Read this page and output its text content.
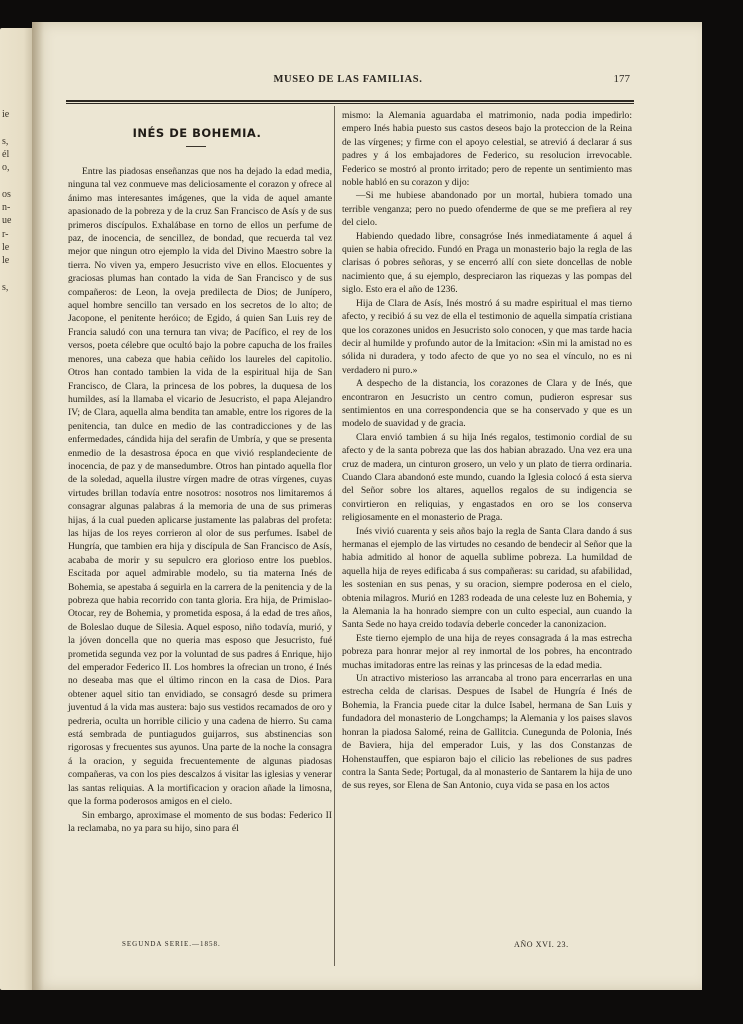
ie

s,
él
o,

os
n-
ue
r-
le
le

s,
MUSEO DE LAS FAMILIAS.	177
INÉS DE BOHEMIA.

Entre las piadosas enseñanzas que nos ha dejado la edad media, ninguna tal vez conmueve mas deliciosamente el corazon y ofrece al ánimo mas interesantes imágenes, que la vida de aquel amante apasionado de la pobreza y de la cruz San Francisco de Asís y de sus primeros discípulos. Exhalábase en torno de ellos un perfume de paz, de inocencia, de sencillez, de bondad, que recuerda tal vez mejor que ningun otro ejemplo la vida del Divino Maestro sobre la tierra. No viven ya, empero Jesucristo vive en ellos. Elocuentes y graciosas plumas han contado la vida de San Francisco y de sus compañeros: de Leon, la oveja predilecta de Dios; de Junípero, aquel hombre sencillo tan versado en los secretos de lo alto; de Jacopone, el penitente heróico; de Egido, á quien San Luis rey de Francia saludó con una ternura tan viva; de Pacífico, el rey de los versos, poeta célebre que ocultó bajo la pobre capucha de los frailes menores, una cabeza que habia ceñido los laureles del capitolio. Otros han contado tambien la vida de la espiritual hija de San Francisco, de Clara, la princesa de los pobres, la duquesa de los humildes, así la llamaba el vicario de Jesucristo, el papa Alejandro IV; de Clara, aquella alma bendita tan amable, entre los rigores de la penitencia, tan dulce en medio de las contradicciones y de las enfermedades, cándida hija del serafin de Umbría, y que se presenta enmedio de la desastrosa época en que vivió resplandeciente de inocencia, de paz y de mansedumbre. Otros han pintado aquella flor de la soledad, aquella ilustre vírgen madre de otras vírgenes, cuyas virtudes brillan todavía entre nosotros: nosotros nos limitaremos á consagrar algunas palabras á la memoria de una de sus primeras hijas, á la cual pueden aplicarse justamente las palabras del profeta: las hijas de los reyes corrieron al olor de sus perfumes. Isabel de Hungría, que tambien era hija y discípula de San Francisco de Asís, acababa de morir y su sepulcro era glorioso entre los pueblos. Escitada por aquel admirable modelo, su tia materna Inés de Bohemia, se apestaba á seguirla en la carrera de la penitencia y de la pobreza que habia recorrido con tanta gloria. Era hija, de Primislao-Otocar, rey de Bohemia, y prometida esposa, á la edad de tres años, de Boleslao duque de Silesia. Aquel esposo, niño todavía, murió, y la jóven doncella que no queria mas esposo que Jesucristo, fué prometida segunda vez por la voluntad de sus padres á Enrique, hijo del emperador Federico II. Los hombres la ofrecian un trono, é Inés no deseaba mas que el último rincon en la casa de Dios. Para obtener aquel sitio tan envidiado, se consagró desde su primera juventud á la vida mas austera: bajo sus vestidos recamados de oro y pedreria, oculta un horrible cilicio y una cadena de hierro. Su cama está sembrada de puntiagudos guijarros, sus abstinencias son rigorosas y frecuentes sus ayunos. Una parte de la noche la consagra á la oracion, y seguida frecuentemente de algunas piadosas compañeras, va con los pies descalzos á visitar las iglesias y venerar las santas reliquias. A la mortificacion y oracion añade la limosna, que la forma poderosos amigos en el cielo.

Sin embargo, aproximase el momento de sus bodas: Federico II la reclamaba, no ya para su hijo, sino para él

mismo: la Alemania aguardaba el matrimonio, nada podia impedirlo: empero Inés habia puesto sus castos deseos bajo la proteccion de la Reina de las vírgenes; y firme con el apoyo celestial, se atrevió á declarar á sus padres y á los embajadores de Federico, su resolucion irrevocable. Federico se mostró al pronto irritado; pero de repente un sentimiento mas noble habló en su corazon y dijo:

—Si me hubiese abandonado por un mortal, hubiera tomado una terrible venganza; pero no puedo ofenderme de que se me prefiera al rey del cielo.

Habiendo quedado libre, consagróse Inés inmediatamente á aquel á quien se habia ofrecido. Fundó en Praga un monasterio bajo la regla de las clarisas ó pobres señoras, y se encerró allí con siete doncellas de noble nacimiento que, á su ejemplo, despreciaron las riquezas y las pompas del siglo. Esto era el año de 1236.

Hija de Clara de Asís, Inés mostró á su madre espiritual el mas tierno afecto, y recibió á su vez de ella el testimonio de aquella simpatía cristiana que los corazones unidos en Jesucristo solo conocen, y que mas tarde hacia decir al humilde y profundo autor de la Imitacion: «Sin mi la amistad no es sólida ni duradera, y todo afecto de que yo no sea el vínculo, no es ni verdadero ni puro.»

A despecho de la distancia, los corazones de Clara y de Inés, que encontraron en Jesucristo un centro comun, pudieron espresar sus sentimientos en una correspondencia que se ha conservado y que es un modelo de suavidad y de gracia.

Clara envió tambien á su hija Inés regalos, testimonio cordial de su afecto y de la santa pobreza que las dos habian abrazado. Una vez era una cruz de madera, un cinturon grosero, un velo y un plato de tierra ordinaria. Cuando Clara abandonó este mundo, cuando la Iglesia colocó á esta sierva del Señor sobre los altares, aquellos regalos de su indigencia se convirtieron en reliquias, y engastados en oro se los conserva religiosamente en el monasterio de Praga.

Inés vivió cuarenta y seis años bajo la regla de Santa Clara dando á sus hermanas el ejemplo de las virtudes no cesando de bendecir al Señor que la habia admitido al honor de aquella sublime pobreza. La humildad de aquella hija de reyes edificaba á sus compañeras: su caridad, su afabilidad, les sostenian en sus penas, y su oracion, siempre poderosa en el cielo, obtenia milagros. Murió en 1283 rodeada de una celeste luz en Bohemia, y la Alemania la ha honrado siempre con un culto especial, aun cuando la Santa Sede no haya creido todavía deberle conceder la canonizacion.

Este tierno ejemplo de una hija de reyes consagrada á la mas estrecha pobreza para honrar mejor al rey inmortal de los pobres, ha encontrado muchas imitadoras entre las reinas y las princesas de la edad media.

Un atractivo misterioso las arrancaba al trono para encerrarlas en una estrecha celda de clarisas. Despues de Isabel de Hungría é Inés de Bohemia, la Francia puede citar la dulce Isabel, hermana de San Luis y fundadora del monasterio de Longchamps; la Alemania y los paises slavos honran la piadosa Salomé, reina de Gallitcia. Cunegunda de Polonia, Inés de Baviera, hija del emperador Luis, y las dos Constanzas de Hohenstauffen, que espiaron bajo el cilicio las rebeliones de sus padres contra la Santa Sede; Portugal, da al monasterio de Santarem la hija de uno de sus reyes, sor Elena de San Antonio, cuya vida se pasa en los actos

SEGUNDA SERIE.—1858.	AÑO XVI. 23.
